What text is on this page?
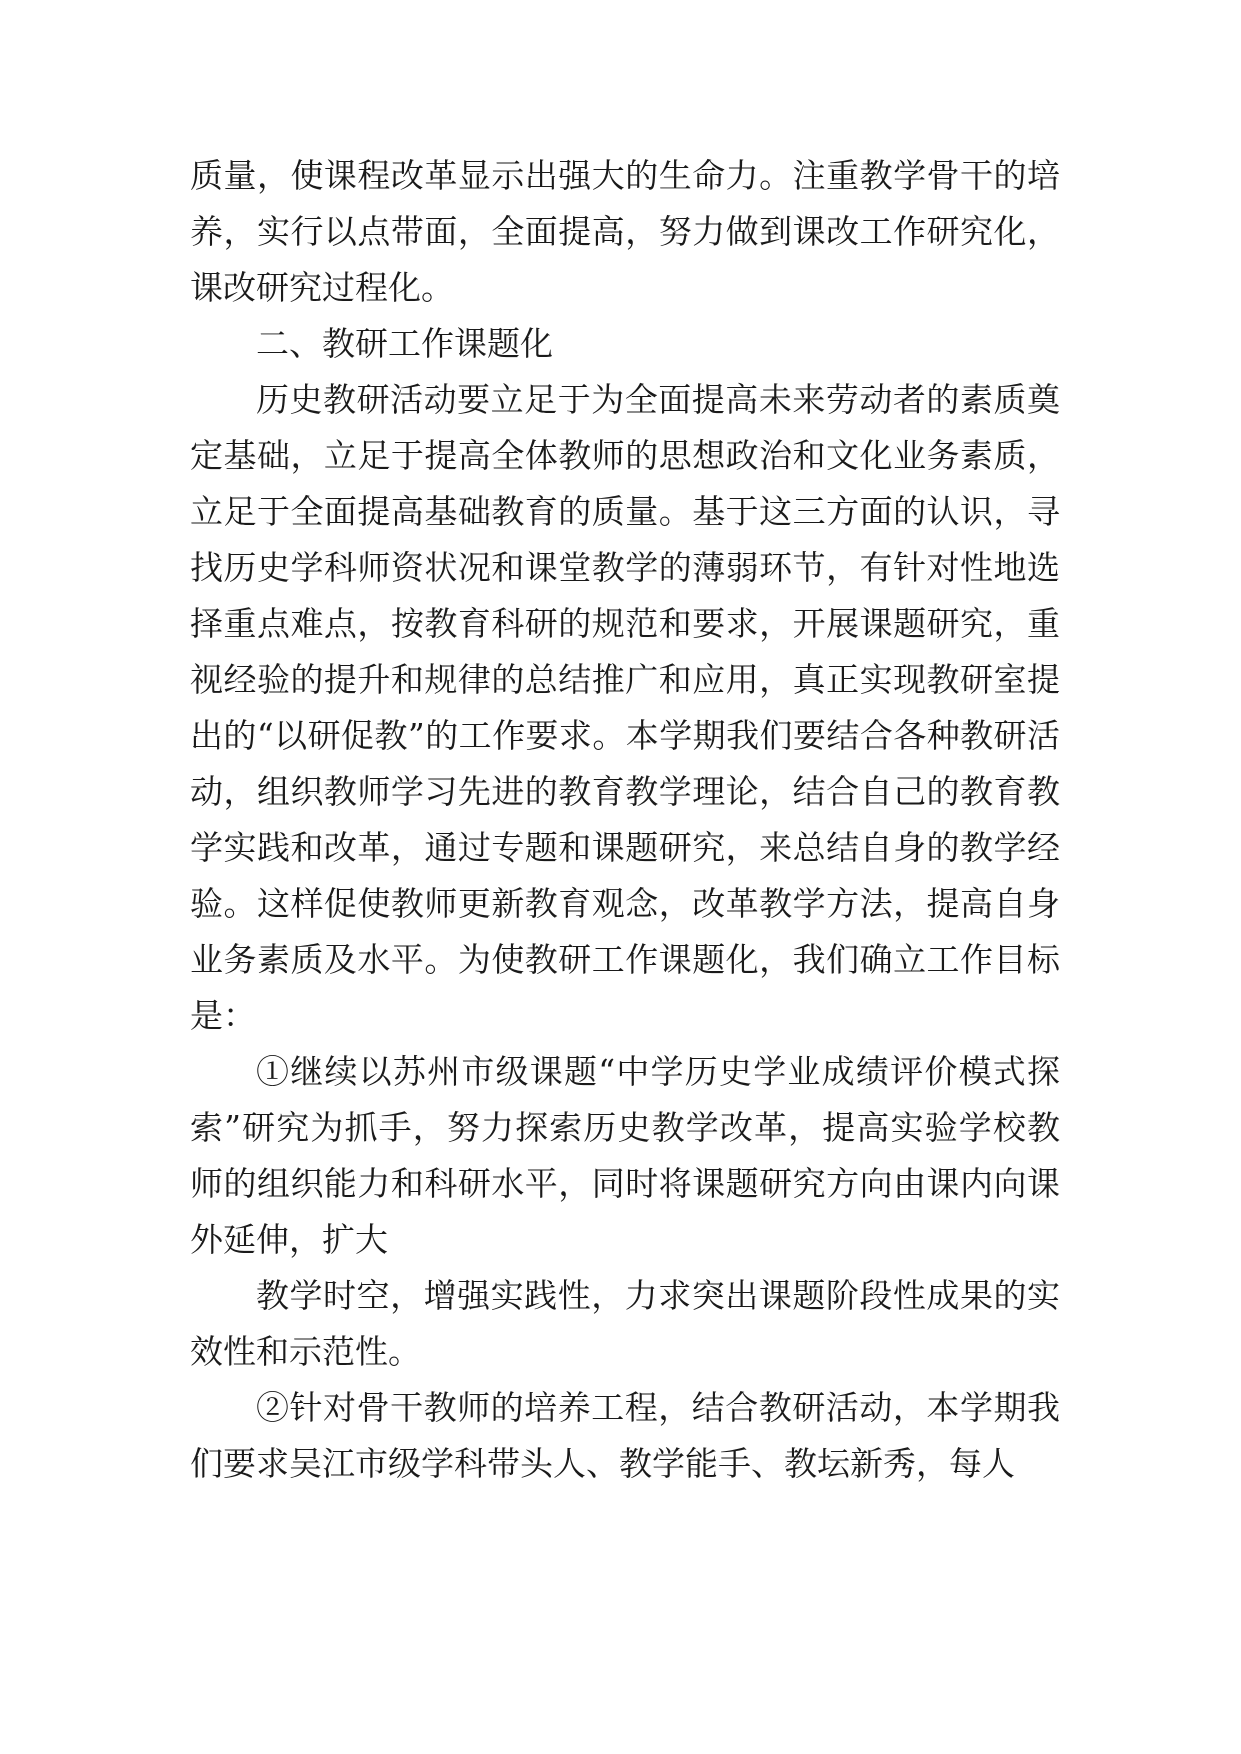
质量，使课程改革显示出强大的生命力。注重教学骨干的培养，实行以点带面，全面提高，努力做到课改工作研究化，课改研究过程化。

二、教研工作课题化

历史教研活动要立足于为全面提高未来劳动者的素质奠定基础，立足于提高全体教师的思想政治和文化业务素质，立足于全面提高基础教育的质量。基于这三方面的认识，寻找历史学科师资状况和课堂教学的薄弱环节，有针对性地选择重点难点，按教育科研的规范和要求，开展课题研究，重视经验的提升和规律的总结推广和应用，真正实现教研室提出的“以研促教”的工作要求。本学期我们要结合各种教研活动，组织教师学习先进的教育教学理论，结合自己的教育教学实践和改革，通过专题和课题研究，来总结自身的教学经验。这样促使教师更新教育观念，改革教学方法，提高自身业务素质及水平。为使教研工作课题化，我们确立工作目标是：

①继续以苏州市级课题“中学历史学业成绩评价模式探索”研究为抓手，努力探索历史教学改革，提高实验学校教师的组织能力和科研水平，同时将课题研究方向由课内向课外延伸，扩大

教学时空，增强实践性，力求突出课题阶段性成果的实效性和示范性。

②针对骨干教师的培养工程，结合教研活动，本学期我们要求吴江市级学科带头人、教学能手、教坛新秀，每人
